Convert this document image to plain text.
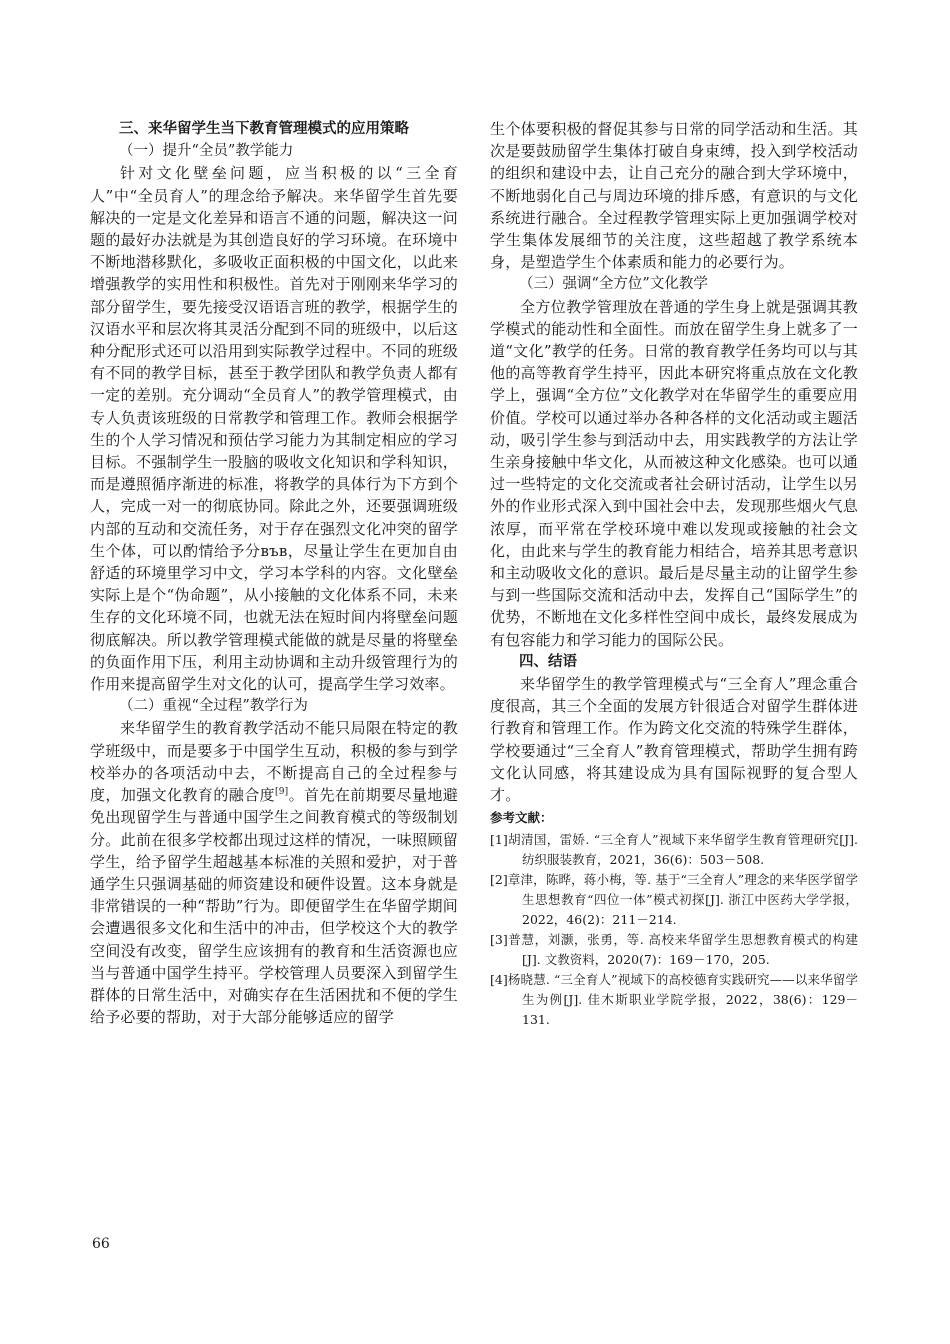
三、来华留学生当下教育管理模式的应用策略

（一）提升“全员”教学能力

针对文化壁垒问题，应当积极的以“三全育人”中“全员育人”的理念给予解决。来华留学生首先要解决的一定是文化差异和语言不通的问题，解决这一问题的最好办法就是为其创造良好的学习环境。在环境中不断地潜移默化，多吸收正面积极的中国文化，以此来增强教学的实用性和积极性。首先对于刚刚来华学习的部分留学生，要先接受汉语语言班的教学，根据学生的汉语水平和层次将其灵活分配到不同的班级中，以后这种分配形式还可以沿用到实际教学过程中。不同的班级有不同的教学目标，甚至于教学团队和教学负责人都有一定的差别。充分调动“全员育人”的教学管理模式，由专人负责该班级的日常教学和管理工作。教师会根据学生的个人学习情况和预估学习能力为其制定相应的学习目标。不强制学生一股脑的吸收文化知识和学科知识，而是遵照循序渐进的标准，将教学的具体行为下方到个人，完成一对一的彻底协同。除此之外，还要强调班级内部的互动和交流任务，对于存在强烈文化冲突的留学生个体，可以酌情给予分във，尽量让学生在更加自由舒适的环境里学习中文，学习本学科的内容。文化壁垒实际上是个“伪命题”，从小接触的文化体系不同，未来生存的文化环境不同，也就无法在短时间内将壁垒问题彻底解决。所以教学管理模式能做的就是尽量的将壁垒的负面作用下压，利用主动协调和主动升级管理行为的作用来提高留学生对文化的认可，提高学生学习效率。

（二）重视“全过程”教学行为

来华留学生的教育教学活动不能只局限在特定的教学班级中，而是要多于中国学生互动，积极的参与到学校举办的各项活动中去，不断提高自己的全过程参与度，加强文化教育的融合度[9]。首先在前期要尽量地避免出现留学生与普通中国学生之间教育模式的等级制划分。此前在很多学校都出现过这样的情况，一味照顾留学生，给予留学生超越基本标准的关照和爱护，对于普通学生只强调基础的师资建设和硬件设置。这本身就是非常错误的一种“帮助”行为。即便留学生在华留学期间会遭遇很多文化和生活中的冲击，但学校这个大的教学空间没有改变，留学生应该拥有的教育和生活资源也应当与普通中国学生持平。学校管理人员要深入到留学生群体的日常生活中，对确实存在生活困扰和不便的学生给予必要的帮助，对于大部分能够适应的留学

生个体要积极的督促其参与日常的同学活动和生活。其次是要鼓励留学生集体打破自身束缚，投入到学校活动的组织和建设中去，让自己充分的融合到大学环境中，不断地弱化自己与周边环境的排斥感，有意识的与文化系统进行融合。全过程教学管理实际上更加强调学校对学生集体发展细节的关注度，这些超越了教学系统本身，是塑造学生个体素质和能力的必要行为。

（三）强调“全方位”文化教学

全方位教学管理放在普通的学生身上就是强调其教学模式的能动性和全面性。而放在留学生身上就多了一道“文化”教学的任务。日常的教育教学任务均可以与其他的高等教育学生持平，因此本研究将重点放在文化教学上，强调“全方位”文化教学对在华留学生的重要应用价值。学校可以通过举办各种各样的文化活动或主题活动，吸引学生参与到活动中去，用实践教学的方法让学生亲身接触中华文化，从而被这种文化感染。也可以通过一些特定的文化交流或者社会研讨活动，让学生以另外的作业形式深入到中国社会中去，发现那些烟火气息浓厚，而平常在学校环境中难以发现或接触的社会文化，由此来与学生的教育能力相结合，培养其思考意识和主动吸收文化的意识。最后是尽量主动的让留学生参与到一些国际交流和活动中去，发挥自己“国际学生”的优势，不断地在文化多样性空间中成长，最终发展成为有包容能力和学习能力的国际公民。

四、结语

来华留学生的教学管理模式与“三全育人”理念重合度很高，其三个全面的发展方针很适合对留学生群体进行教育和管理工作。作为跨文化交流的特殊学生群体，学校要通过“三全育人”教育管理模式，帮助学生拥有跨文化认同感，将其建设成为具有国际视野的复合型人才。

参考文献：

[1]胡清国，雷娇. “三全育人”视域下来华留学生教育管理研究[J]. 纺织服装教育，2021，36(6)：503－508.

[2]章津，陈晔，蒋小梅，等. 基于“三全育人”理念的来华医学留学生思想教育“四位一体”模式初探[J]. 浙江中医药大学学报，2022，46(2)：211－214.

[3]普慧，刘灏，张勇，等. 高校来华留学生思想教育模式的构建[J]. 文教资料，2020(7)：169－170，205.

[4]杨晓慧. “三全育人”视域下的高校德育实践研究——以来华留学生为例[J]. 佳木斯职业学院学报，2022，38(6)：129－131.

66
